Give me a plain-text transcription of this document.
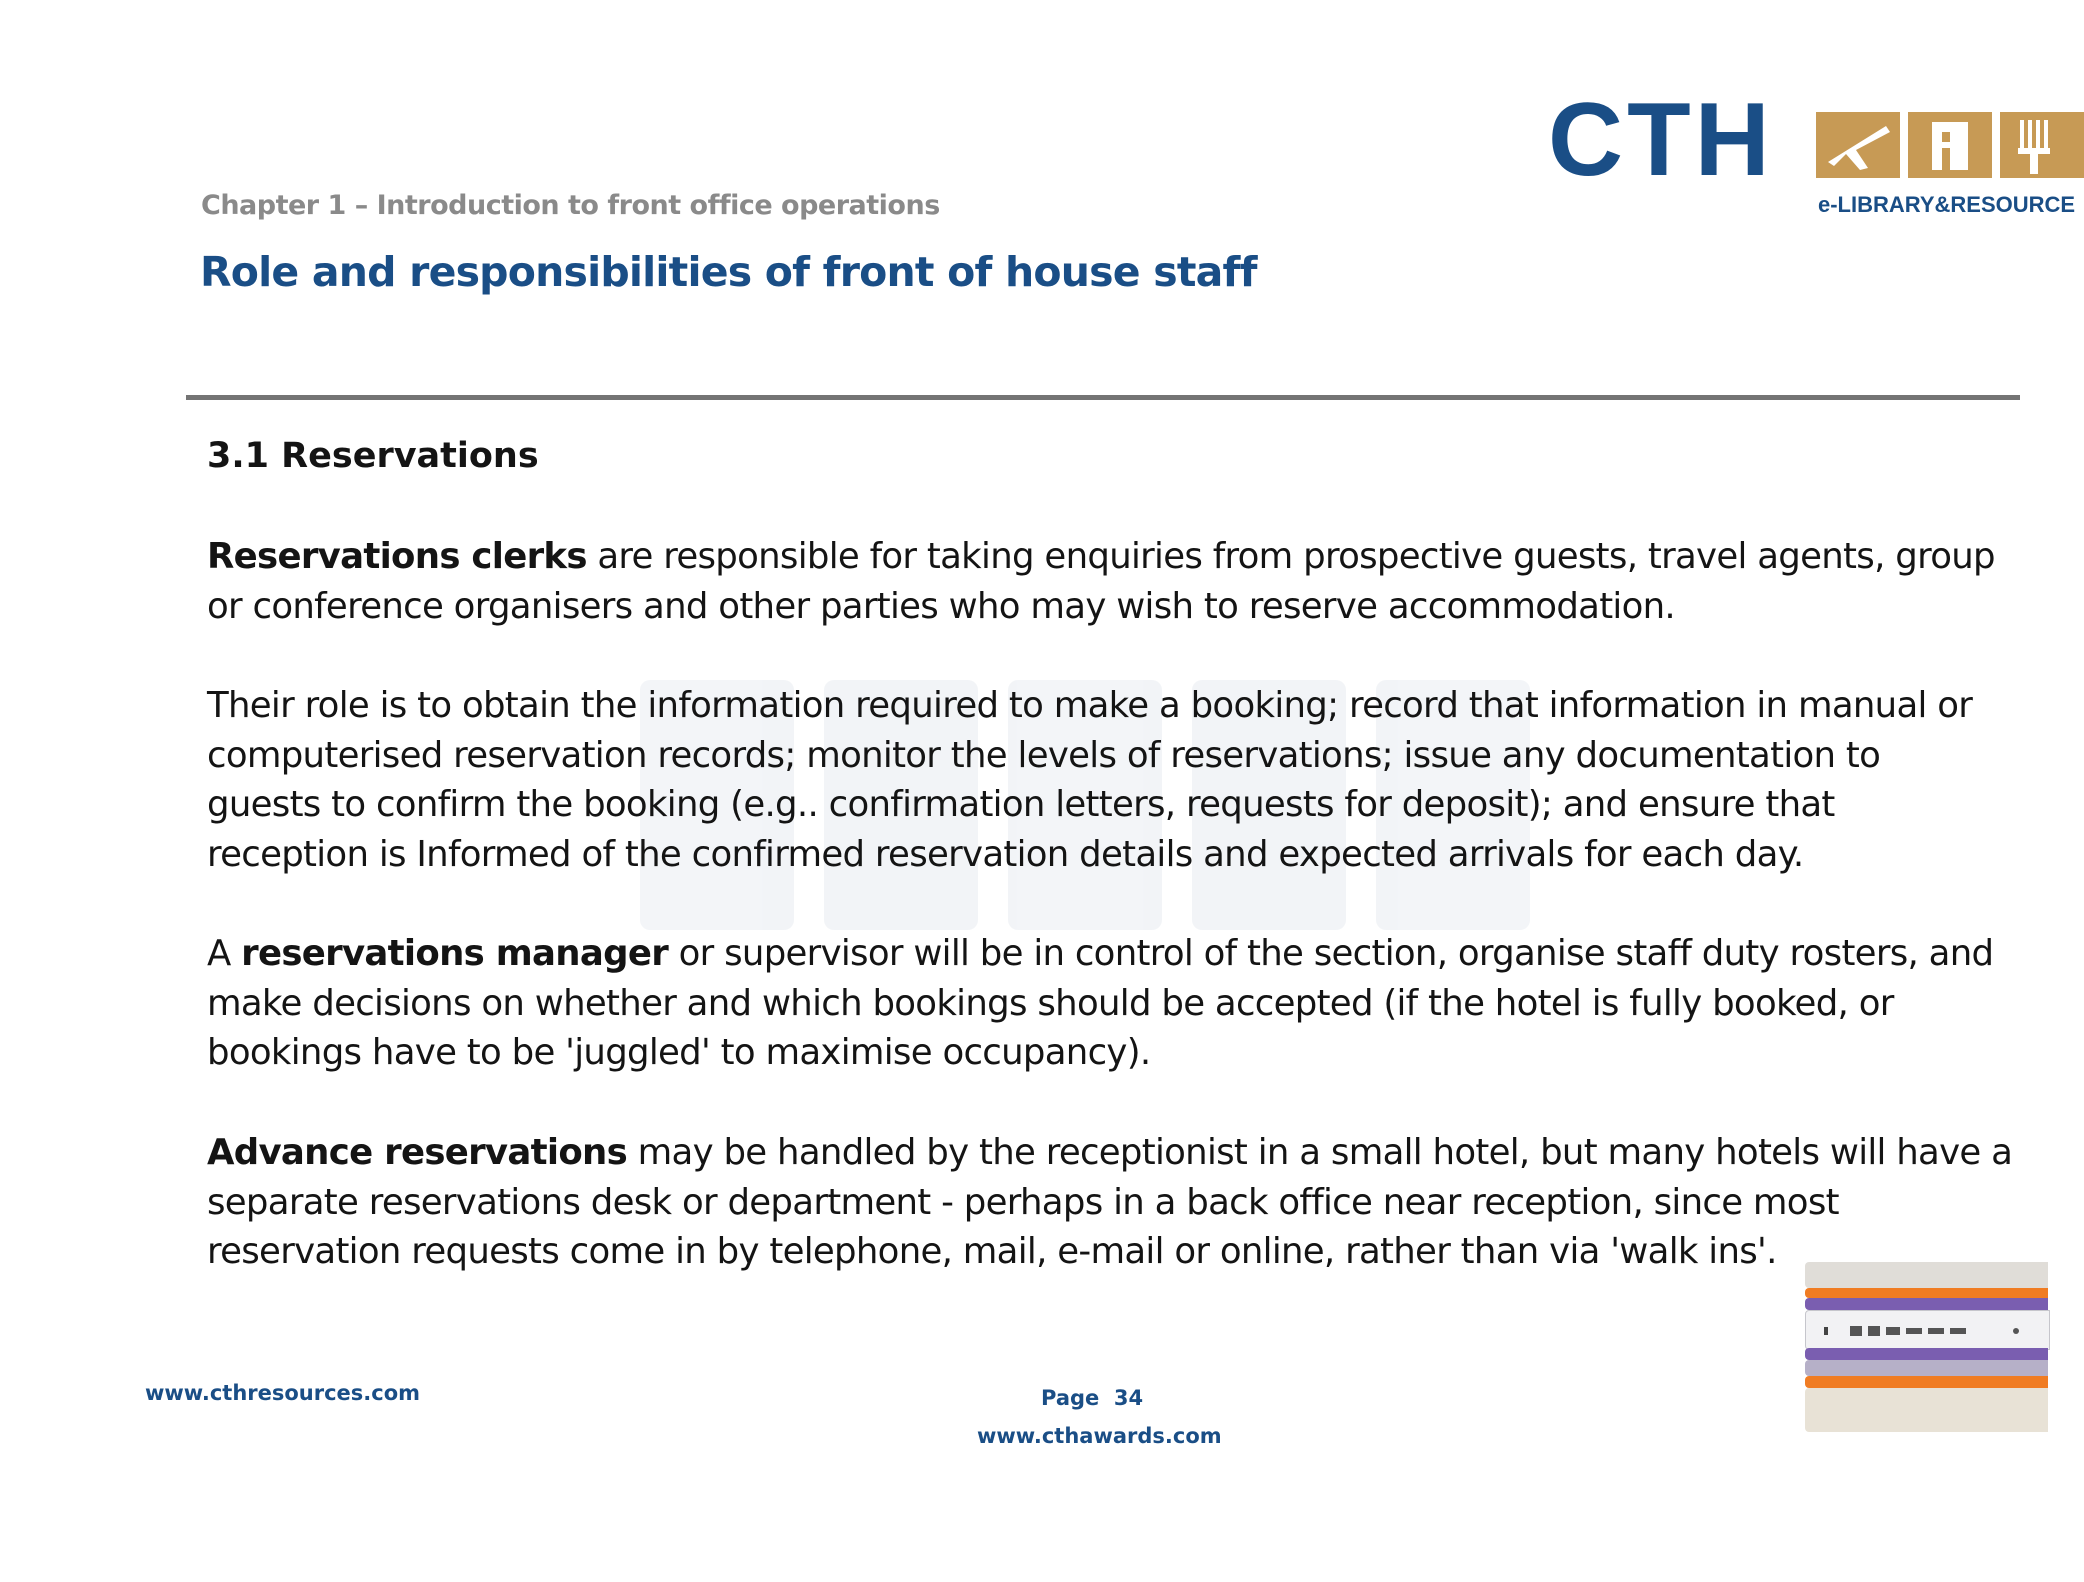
CTH
e-LIBRARY&RESOURCE
Chapter 1 – Introduction to front office operations
Role and responsibilities of front of house staff
3.1 Reservations
Reservations clerks are responsible for taking enquiries from prospective guests, travel agents, group
or conference organisers and other parties who may wish to reserve accommodation.
Their role is to obtain the information required to make a booking; record that information in manual or
computerised reservation records; monitor the levels of reservations; issue any documentation to
guests to confirm the booking (e.g.. confirmation letters, requests for deposit); and ensure that
reception is Informed of the confirmed reservation details and expected arrivals for each day.
A reservations manager or supervisor will be in control of the section, organise staff duty rosters, and
make decisions on whether and which bookings should be accepted (if the hotel is fully booked, or
bookings have to be 'juggled' to maximise occupancy).
Advance reservations may be handled by the receptionist in a small hotel, but many hotels will have a
separate reservations desk or department - perhaps in a back office near reception, since most
reservation requests come in by telephone, mail, e-mail or online, rather than via 'walk ins'.
www.cthresources.com	Page 34
www.cthawards.com
